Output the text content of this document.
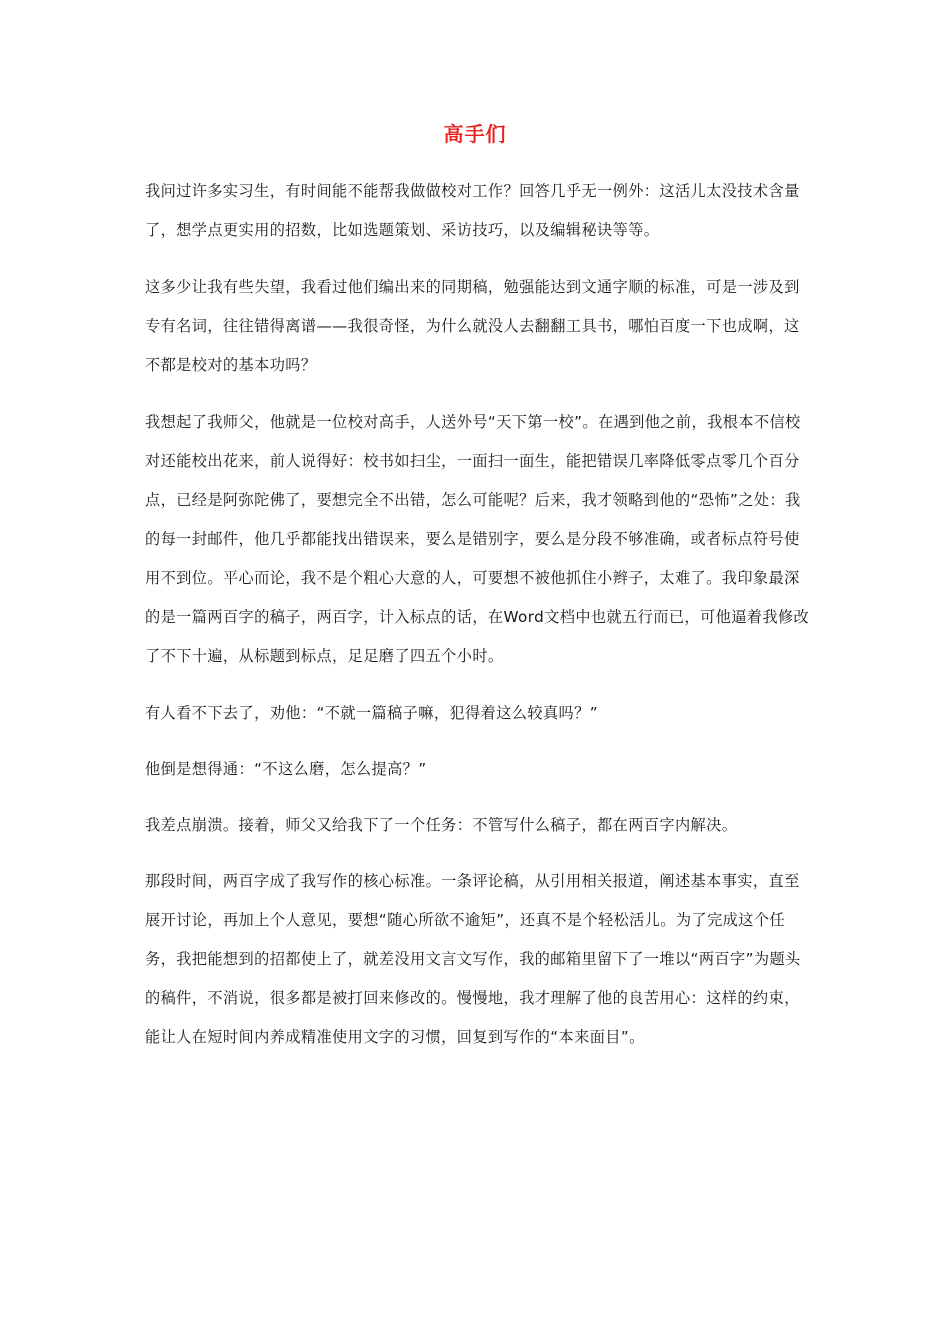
高手们

我问过许多实习生，有时间能不能帮我做做校对工作？回答几乎无一例外：这活儿太没技术含量了，想学点更实用的招数，比如选题策划、采访技巧，以及编辑秘诀等等。

这多少让我有些失望，我看过他们编出来的同期稿，勉强能达到文通字顺的标准，可是一涉及到专有名词，往往错得离谱——我很奇怪，为什么就没人去翻翻工具书，哪怕百度一下也成啊，这不都是校对的基本功吗？

我想起了我师父，他就是一位校对高手，人送外号“天下第一校”。在遇到他之前，我根本不信校对还能校出花来，前人说得好：校书如扫尘，一面扫一面生，能把错误几率降低零点零几个百分点，已经是阿弥陀佛了，要想完全不出错，怎么可能呢？后来，我才领略到他的“恐怖”之处：我的每一封邮件，他几乎都能找出错误来，要么是错别字，要么是分段不够准确，或者标点符号使用不到位。平心而论，我不是个粗心大意的人，可要想不被他抓住小辫子，太难了。我印象最深的是一篇两百字的稿子，两百字，计入标点的话，在Word文档中也就五行而已，可他逼着我修改了不下十遍，从标题到标点，足足磨了四五个小时。

有人看不下去了，劝他：“不就一篇稿子嘛，犯得着这么较真吗？”

他倒是想得通：“不这么磨，怎么提高？”

我差点崩溃。接着，师父又给我下了一个任务：不管写什么稿子，都在两百字内解决。

那段时间，两百字成了我写作的核心标准。一条评论稿，从引用相关报道，阐述基本事实，直至展开讨论，再加上个人意见，要想“随心所欲不逾矩”，还真不是个轻松活儿。为了完成这个任务，我把能想到的招都使上了，就差没用文言文写作，我的邮箱里留下了一堆以“两百字”为题头的稿件，不消说，很多都是被打回来修改的。慢慢地，我才理解了他的良苦用心：这样的约束，能让人在短时间内养成精准使用文字的习惯，回复到写作的“本来面目”。
